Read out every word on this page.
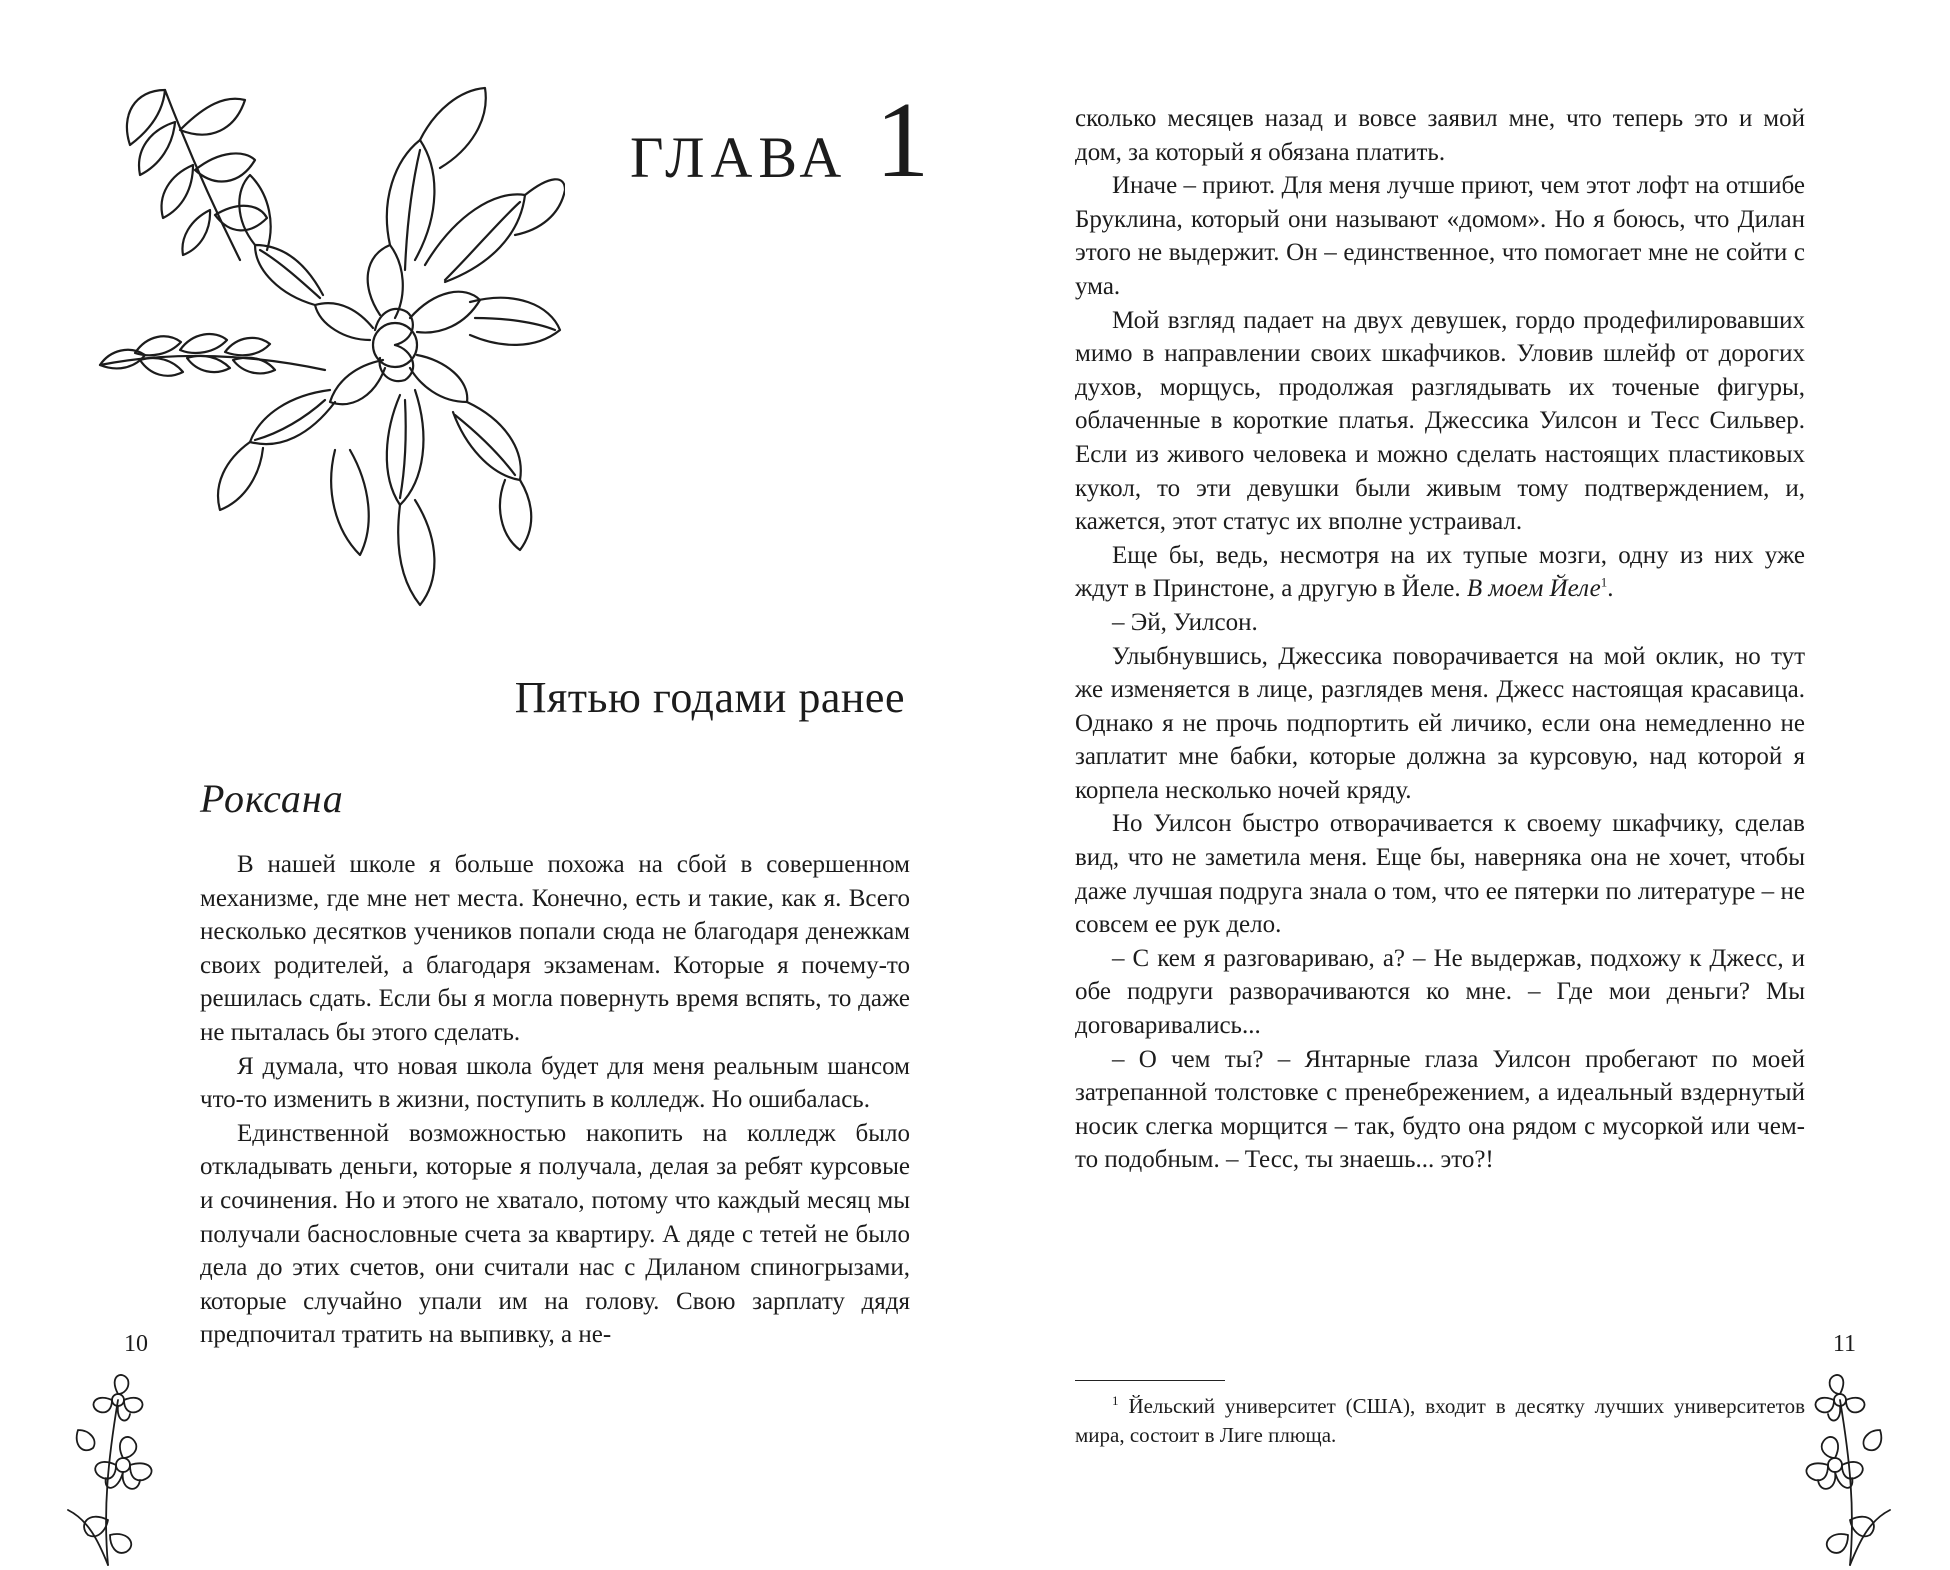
ГЛАВА 1
Пятью годами ранее
Роксана

В нашей школе я больше похожа на сбой в совершенном механизме, где мне нет места. Конечно, есть и такие, как я. Всего несколько десятков учеников попали сюда не благодаря денежкам своих родителей, а благодаря экзаменам. Которые я почему-то решилась сдать. Если бы я могла повернуть время вспять, то даже не пыталась бы этого сделать.

Я думала, что новая школа будет для меня реальным шансом что-то изменить в жизни, поступить в колледж. Но ошибалась.

Единственной возможностью накопить на колледж было откладывать деньги, которые я получала, делая за ребят курсовые и сочинения. Но и этого не хватало, потому что каждый месяц мы получали баснословные счета за квартиру. А дяде с тетей не было дела до этих счетов, они считали нас с Диланом спиногрызами, которые случайно упали им на голову. Свою зарплату дядя предпочитал тратить на выпивку, а не-

10

сколько месяцев назад и вовсе заявил мне, что теперь это и мой дом, за который я обязана платить.

Иначе – приют. Для меня лучше приют, чем этот лофт на отшибе Бруклина, который они называют «домом». Но я боюсь, что Дилан этого не выдержит. Он – единственное, что помогает мне не сойти с ума.

Мой взгляд падает на двух девушек, гордо продефилировавших мимо в направлении своих шкафчиков. Уловив шлейф от дорогих духов, морщусь, продолжая разглядывать их точеные фигуры, облаченные в короткие платья. Джессика Уилсон и Тесс Сильвер. Если из живого человека и можно сделать настоящих пластиковых кукол, то эти девушки были живым тому подтверждением, и, кажется, этот статус их вполне устраивал.

Еще бы, ведь, несмотря на их тупые мозги, одну из них уже ждут в Принстоне, а другую в Йеле. В моем Йеле$^1$.

– Эй, Уилсон.

Улыбнувшись, Джессика поворачивается на мой оклик, но тут же изменяется в лице, разглядев меня. Джесс настоящая красавица. Однако я не прочь подпортить ей личико, если она немедленно не заплатит мне бабки, которые должна за курсовую, над которой я корпела несколько ночей кряду.

Но Уилсон быстро отворачивается к своему шкафчику, сделав вид, что не заметила меня. Еще бы, наверняка она не хочет, чтобы даже лучшая подруга знала о том, что ее пятерки по литературе – не совсем ее рук дело.

– С кем я разговариваю, а? – Не выдержав, подхожу к Джесс, и обе подруги разворачиваются ко мне. – Где мои деньги? Мы договаривались...

– О чем ты? – Янтарные глаза Уилсон пробегают по моей затрепанной толстовке с пренебрежением, а идеальный вздернутый носик слегка морщится – так, будто она рядом с мусоркой или чем-то подобным. – Тесс, ты знаешь... это?!

$^1$ Йельский университет (США), входит в десятку лучших университетов мира, состоит в Лиге плюща.
11
